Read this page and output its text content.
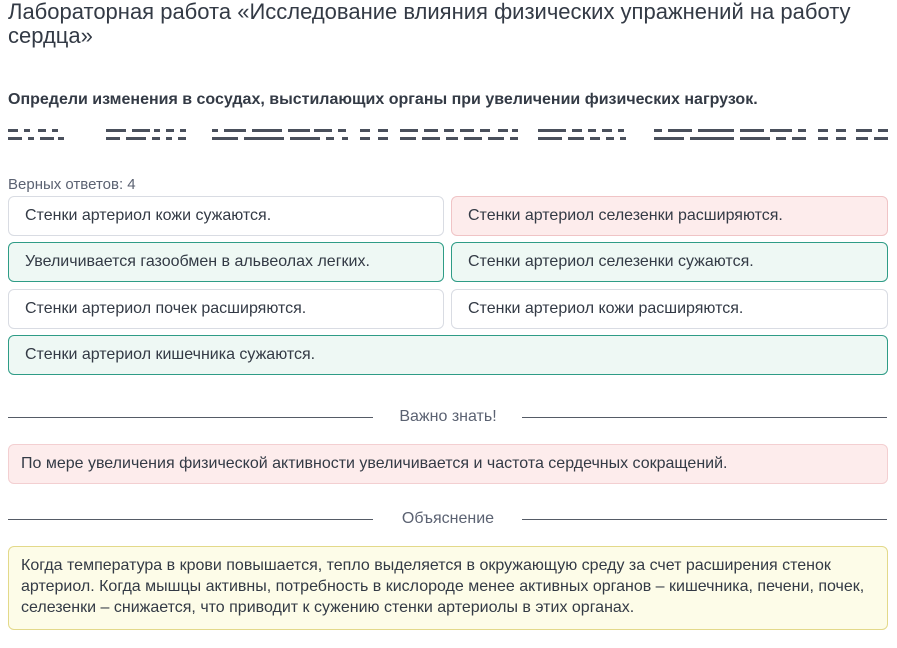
Лабораторная работа «Исследование влияния физических упражнений на работу сердца»
Определи изменения в сосудах, выстилающих органы при увеличении физических нагрузок.
Верных ответов: 4
Стенки артериол кожи сужаются.	Стенки артериол селезенки расширяются.
Увеличивается газообмен в альвеолах легких.	Стенки артериол селезенки сужаются.
Стенки артериол почек расширяются.	Стенки артериол кожи расширяются.
Стенки артериол кишечника сужаются.
Важно знать!
По мере увеличения физической активности увеличивается и частота сердечных сокращений.
Объяснение
Когда температура в крови повышается, тепло выделяется в окружающую среду за счет расширения стенок артериол. Когда мышцы активны, потребность в кислороде менее активных органов – кишечника, печени, почек, селезенки – снижается, что приводит к сужению стенки артериолы в этих органах.
